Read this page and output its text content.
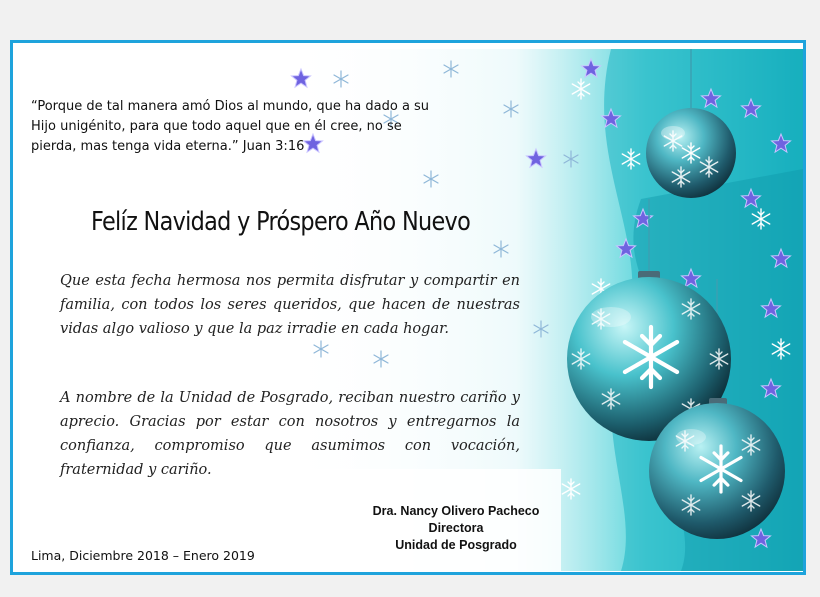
“Porque de tal manera amó Dios al mundo, que ha dado a su Hijo unigénito, para que todo aquel que en él cree, no se pierda, mas tenga vida eterna.” Juan 3:16

Felíz Navidad y Próspero Año Nuevo

Que esta fecha hermosa nos permita disfrutar y compartir en familia, con todos los seres queridos, que hacen de nuestras vidas algo valioso y que la paz irradie en cada hogar.

A nombre de la Unidad de Posgrado, reciban nuestro cariño y aprecio. Gracias por estar con nosotros y entregarnos la confianza, compromiso que asumimos con vocación, fraternidad y cariño.

Dra. Nancy Olivero Pacheco
Directora
Unidad de Posgrado
Lima, Diciembre 2018 – Enero 2019
